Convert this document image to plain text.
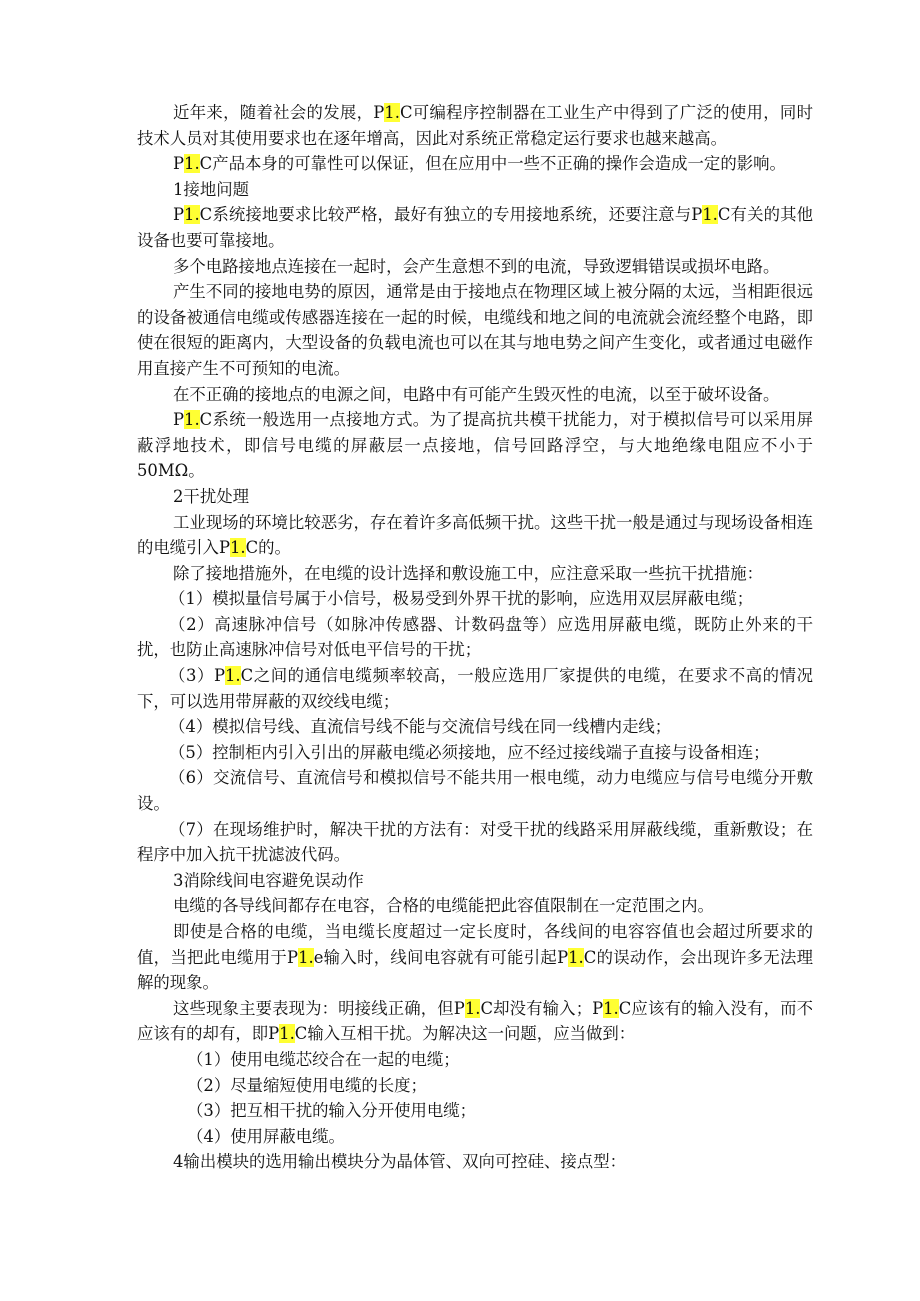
近年来，随着社会的发展，P1.C可编程序控制器在工业生产中得到了广泛的使用，同时技术人员对其使用要求也在逐年增高，因此对系统正常稳定运行要求也越来越高。

P1.C产品本身的可靠性可以保证，但在应用中一些不正确的操作会造成一定的影响。

1接地问题

P1.C系统接地要求比较严格，最好有独立的专用接地系统，还要注意与P1.C有关的其他设备也要可靠接地。

多个电路接地点连接在一起时，会产生意想不到的电流，导致逻辑错误或损坏电路。

产生不同的接地电势的原因，通常是由于接地点在物理区域上被分隔的太远，当相距很远的设备被通信电缆或传感器连接在一起的时候，电缆线和地之间的电流就会流经整个电路，即使在很短的距离内，大型设备的负载电流也可以在其与地电势之间产生变化，或者通过电磁作用直接产生不可预知的电流。

在不正确的接地点的电源之间，电路中有可能产生毁灭性的电流，以至于破坏设备。

P1.C系统一般选用一点接地方式。为了提高抗共模干扰能力，对于模拟信号可以采用屏蔽浮地技术，即信号电缆的屏蔽层一点接地，信号回路浮空，与大地绝缘电阻应不小于50MΩ。

2干扰处理

工业现场的环境比较恶劣，存在着许多高低频干扰。这些干扰一般是通过与现场设备相连的电缆引入P1.C的。

除了接地措施外，在电缆的设计选择和敷设施工中，应注意采取一些抗干扰措施：

（1）模拟量信号属于小信号，极易受到外界干扰的影响，应选用双层屏蔽电缆；

（2）高速脉冲信号（如脉冲传感器、计数码盘等）应选用屏蔽电缆，既防止外来的干扰，也防止高速脉冲信号对低电平信号的干扰；

（3）P1.C之间的通信电缆频率较高，一般应选用厂家提供的电缆，在要求不高的情况下，可以选用带屏蔽的双绞线电缆；

（4）模拟信号线、直流信号线不能与交流信号线在同一线槽内走线；

（5）控制柜内引入引出的屏蔽电缆必须接地，应不经过接线端子直接与设备相连；

（6）交流信号、直流信号和模拟信号不能共用一根电缆，动力电缆应与信号电缆分开敷设。

（7）在现场维护时，解决干扰的方法有：对受干扰的线路采用屏蔽线缆，重新敷设；在程序中加入抗干扰滤波代码。

3消除线间电容避免误动作

电缆的各导线间都存在电容，合格的电缆能把此容值限制在一定范围之内。

即使是合格的电缆，当电缆长度超过一定长度时，各线间的电容容值也会超过所要求的值，当把此电缆用于P1.e输入时，线间电容就有可能引起P1.C的误动作，会出现许多无法理解的现象。

这些现象主要表现为：明接线正确，但P1.C却没有输入；P1.C应该有的输入没有，而不应该有的却有，即P1.C输入互相干扰。为解决这一问题，应当做到：

（1）使用电缆芯绞合在一起的电缆；

（2）尽量缩短使用电缆的长度；

（3）把互相干扰的输入分开使用电缆；

（4）使用屏蔽电缆。

4输出模块的选用输出模块分为晶体管、双向可控硅、接点型：
